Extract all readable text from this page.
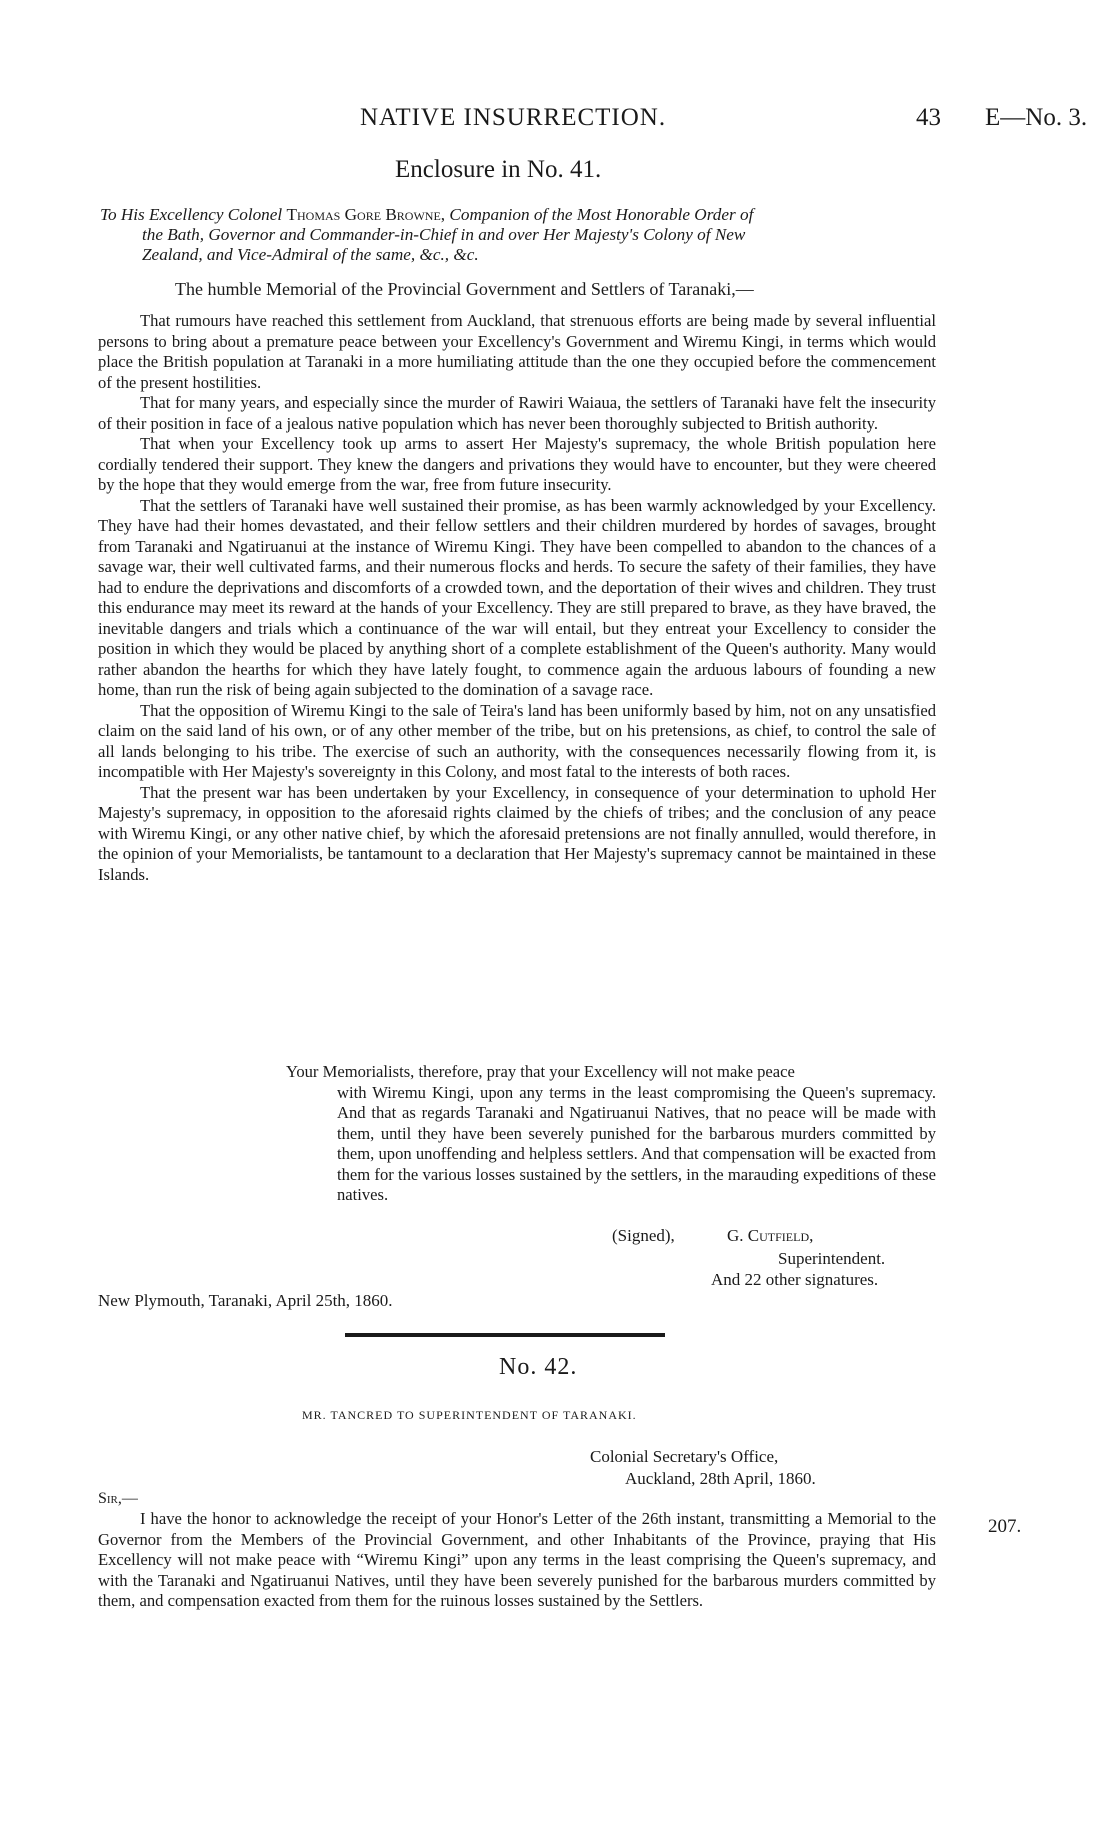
NATIVE INSURRECTION.	43 E—No. 3.
Enclosure in No. 41.
To His Excellency Colonel Thomas Gore Browne, Companion of the Most Honorable Order of
the Bath, Governor and Commander-in-Chief in and over Her Majesty's Colony of New
Zealand, and Vice-Admiral of the same, &c., &c.
The humble Memorial of the Provincial Government and Settlers of Taranaki,—

That rumours have reached this settlement from Auckland, that strenuous efforts are being made by several influential persons to bring about a premature peace between your Excellency's Government and Wiremu Kingi, in terms which would place the British population at Taranaki in a more humiliating attitude than the one they occupied before the commencement of the present hostilities.

That for many years, and especially since the murder of Rawiri Waiaua, the settlers of Taranaki have felt the insecurity of their position in face of a jealous native population which has never been thoroughly subjected to British authority.

That when your Excellency took up arms to assert Her Majesty's supremacy, the whole British population here cordially tendered their support. They knew the dangers and privations they would have to encounter, but they were cheered by the hope that they would emerge from the war, free from future insecurity.

That the settlers of Taranaki have well sustained their promise, as has been warmly acknowledged by your Excellency. They have had their homes devastated, and their fellow settlers and their children murdered by hordes of savages, brought from Taranaki and Ngatiruanui at the instance of Wiremu Kingi. They have been compelled to abandon to the chances of a savage war, their well cultivated farms, and their numerous flocks and herds. To secure the safety of their families, they have had to endure the deprivations and discomforts of a crowded town, and the deportation of their wives and children. They trust this endurance may meet its reward at the hands of your Excellency. They are still prepared to brave, as they have braved, the inevitable dangers and trials which a continuance of the war will entail, but they entreat your Excellency to consider the position in which they would be placed by anything short of a complete establishment of the Queen's authority. Many would rather abandon the hearths for which they have lately fought, to commence again the arduous labours of founding a new home, than run the risk of being again subjected to the domination of a savage race.

That the opposition of Wiremu Kingi to the sale of Teira's land has been uniformly based by him, not on any unsatisfied claim on the said land of his own, or of any other member of the tribe, but on his pretensions, as chief, to control the sale of all lands belonging to his tribe. The exercise of such an authority, with the consequences necessarily flowing from it, is incompatible with Her Majesty's sovereignty in this Colony, and most fatal to the interests of both races.

That the present war has been undertaken by your Excellency, in consequence of your determination to uphold Her Majesty's supremacy, in opposition to the aforesaid rights claimed by the chiefs of tribes; and the conclusion of any peace with Wiremu Kingi, or any other native chief, by which the aforesaid pretensions are not finally annulled, would therefore, in the opinion of your Memorialists, be tantamount to a declaration that Her Majesty's supremacy cannot be maintained in these Islands.

Your Memorialists, therefore, pray that your Excellency will not make peace

with Wiremu Kingi, upon any terms in the least compromising the Queen's supremacy. And that as regards Taranaki and Ngatiruanui Natives, that no peace will be made with them, until they have been severely punished for the barbarous murders committed by them, upon unoffending and helpless settlers. And that compensation will be exacted from them for the various losses sustained by the settlers, in the marauding expeditions of these natives.

(Signed),	G. Cutfield,
Superintendent.
And 22 other signatures.
New Plymouth, Taranaki, April 25th, 1860.
No. 42.
MR. TANCRED TO SUPERINTENDENT OF TARANAKI.
Colonial Secretary's Office,
Auckland, 28th April, 1860.
Sir,—

I have the honor to acknowledge the receipt of your Honor's Letter of the 26th instant, transmitting a Memorial to the Governor from the Members of the Provincial Government, and other Inhabitants of the Province, praying that His Excellency will not make peace with “Wiremu Kingi” upon any terms in the least comprising the Queen's supremacy, and with the Taranaki and Ngatiruanui Natives, until they have been severely punished for the barbarous murders committed by them, and compensation exacted from them for the ruinous losses sustained by the Settlers.

207.
